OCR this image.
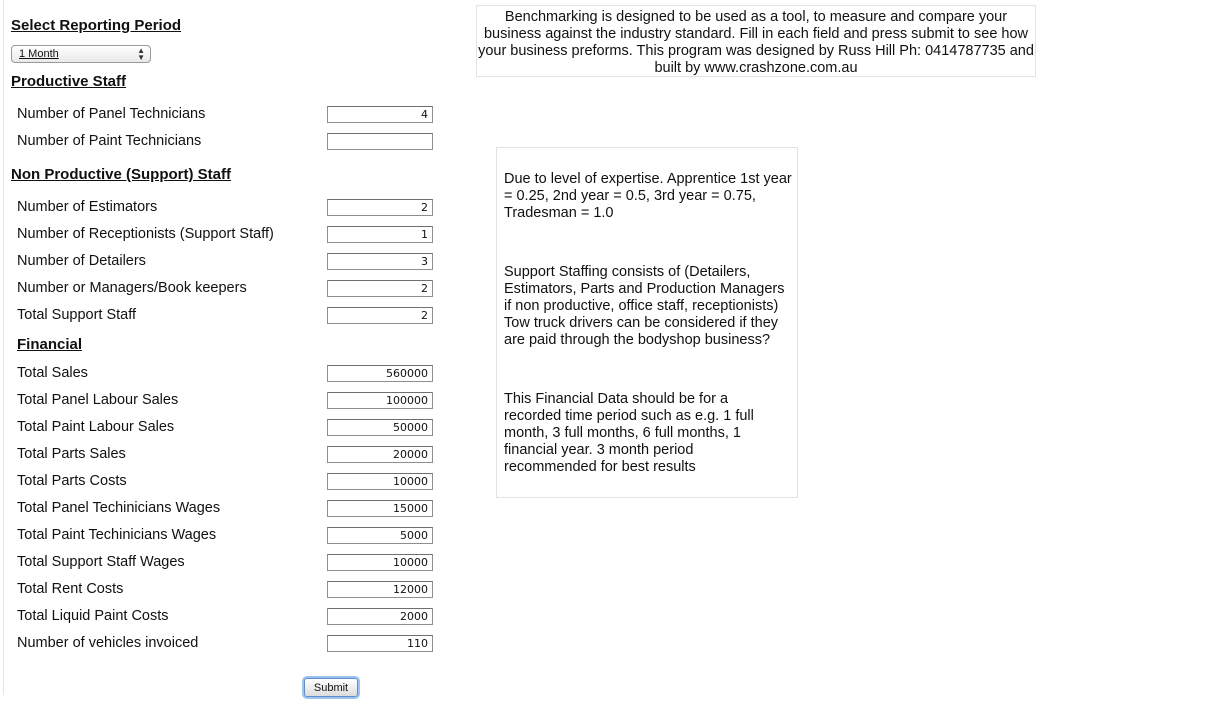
Select Reporting Period
1 Month	▲
▼
Productive Staff
Number of Panel Technicians
4
Number of Paint Technicians
Non Productive (Support) Staff
Number of Estimators
2
Number of Receptionists (Support Staff)
1
Number of Detailers
3
Number or Managers/Book keepers
2
Total Support Staff
2
Financial
Total Sales
560000
Total Panel Labour Sales
100000
Total Paint Labour Sales
50000
Total Parts Sales
20000
Total Parts Costs
10000
Total Panel Techinicians Wages
15000
Total Paint Techinicians Wages
5000
Total Support Staff Wages
10000
Total Rent Costs
12000
Total Liquid Paint Costs
2000
Number of vehicles invoiced
110
Submit
Benchmarking is designed to be used as a tool, to measure and compare your business against the industry standard. Fill in each field and press submit to see how your business preforms. This program was designed by Russ Hill Ph: 0414787735 and built by www.crashzone.com.au
Due to level of expertise. Apprentice 1st year = 0.25, 2nd year = 0.5, 3rd year = 0.75, Tradesman = 1.0
Support Staffing consists of (Detailers, Estimators, Parts and Production Managers if non productive, office staff, receptionists) Tow truck drivers can be considered if they are paid through the bodyshop business?
This Financial Data should be for a recorded time period such as e.g. 1 full month, 3 full months, 6 full months, 1 financial year. 3 month period recommended for best results
